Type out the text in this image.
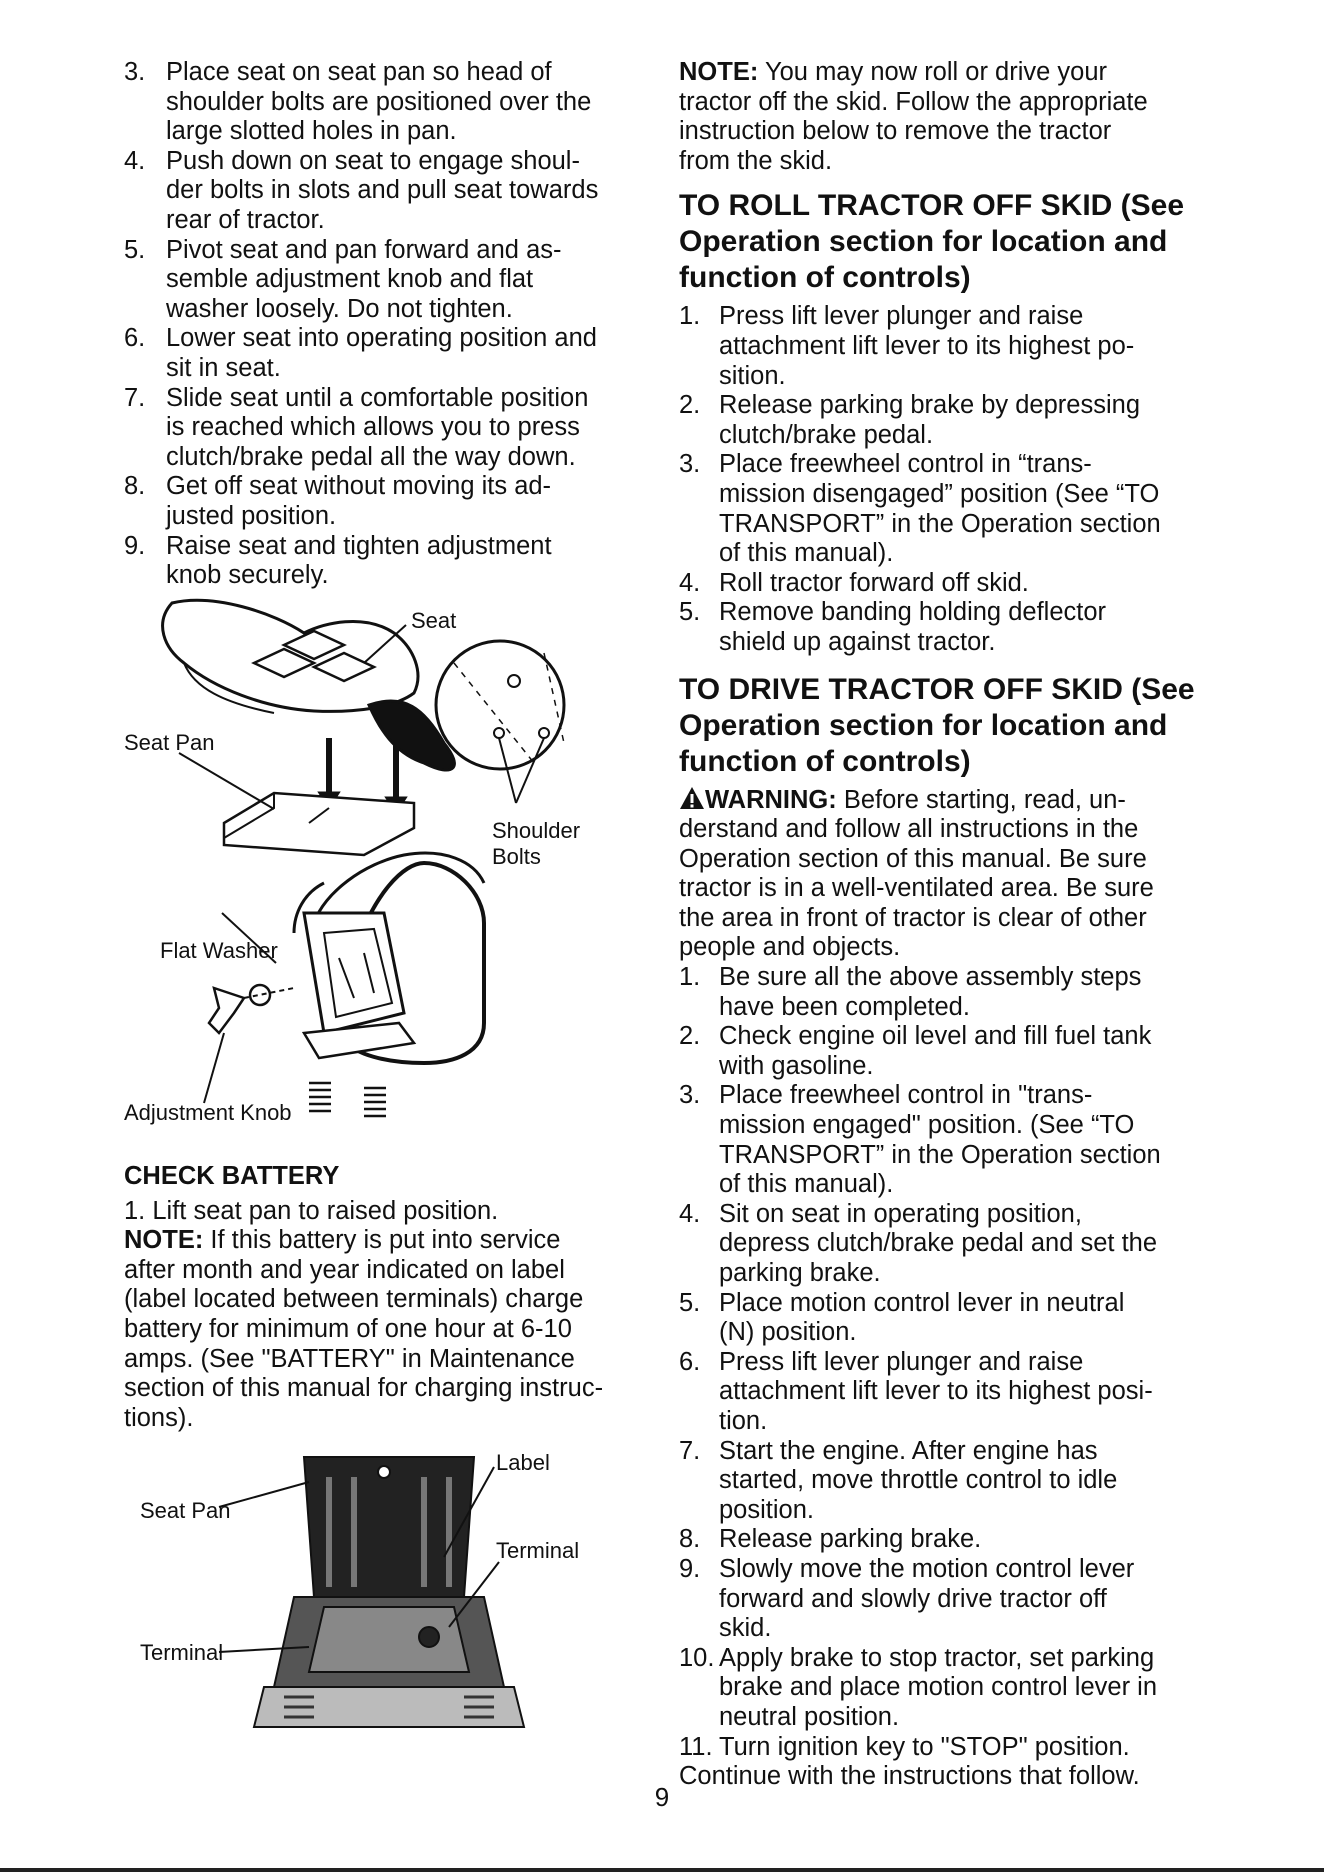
3. Place seat on seat pan so head of
shoulder bolts are positioned over the
large slotted holes in pan.
4. Push down on seat to engage shoul-
der bolts in slots and pull seat towards
rear of tractor.
5. Pivot seat and pan forward and as-
semble adjustment knob and flat
washer loosely. Do not tighten.
6. Lower seat into operating position and
sit in seat.
7. Slide seat until a comfortable position
is reached which allows you to press
clutch/brake pedal all the way down.
8. Get off seat without moving its ad-
justed position.
9. Raise seat and tighten adjustment
knob securely.
Seat
Seat Pan
Shoulder
Bolts
Flat Washer
Adjustment Knob
CHECK BATTERY

1. Lift seat pan to raised position.

NOTE: If this battery is put into service
after month and year indicated on label
(label located between terminals) charge
battery for minimum of one hour at 6-10
amps. (See "BATTERY" in Maintenance
section of this manual for charging instruc-
tions).
Seat Pan
Terminal
Label
Terminal
NOTE: You may now roll or drive your
tractor off the skid. Follow the appropriate
instruction below to remove the tractor
from the skid.
TO ROLL TRACTOR OFF SKID (See
Operation section for location and
function of controls)
1. Press lift lever plunger and raise
attachment lift lever to its highest po-
sition.
2. Release parking brake by depressing
clutch/brake pedal.
3. Place freewheel control in “trans-
mission disengaged” position (See “TO
TRANSPORT” in the Operation section
of this manual).
4. Roll tractor forward off skid.
5. Remove banding holding deflector
shield up against tractor.
TO DRIVE TRACTOR OFF SKID (See
Operation section for location and
function of controls)
WARNING: Before starting, read, un-
derstand and follow all instructions in the
Operation section of this manual. Be sure
tractor is in a well-ventilated area. Be sure
the area in front of tractor is clear of other
people and objects.
1. Be sure all the above assembly steps
have been completed.
2. Check engine oil level and fill fuel tank
with gasoline.
3. Place freewheel control in "trans-
mission engaged" position. (See “TO
TRANSPORT” in the Operation section
of this manual).
4. Sit on seat in operating position,
depress clutch/brake pedal and set the
parking brake.
5. Place motion control lever in neutral
(N) position.
6. Press lift lever plunger and raise
attachment lift lever to its highest posi-
tion.
7. Start the engine. After engine has
started, move throttle control to idle
position.
8. Release parking brake.
9. Slowly move the motion control lever
forward and slowly drive tractor off
skid.
10. Apply brake to stop tractor, set parking
brake and place motion control lever in
neutral position.
11. Turn ignition key to "STOP" position.

Continue with the instructions that follow.

9
